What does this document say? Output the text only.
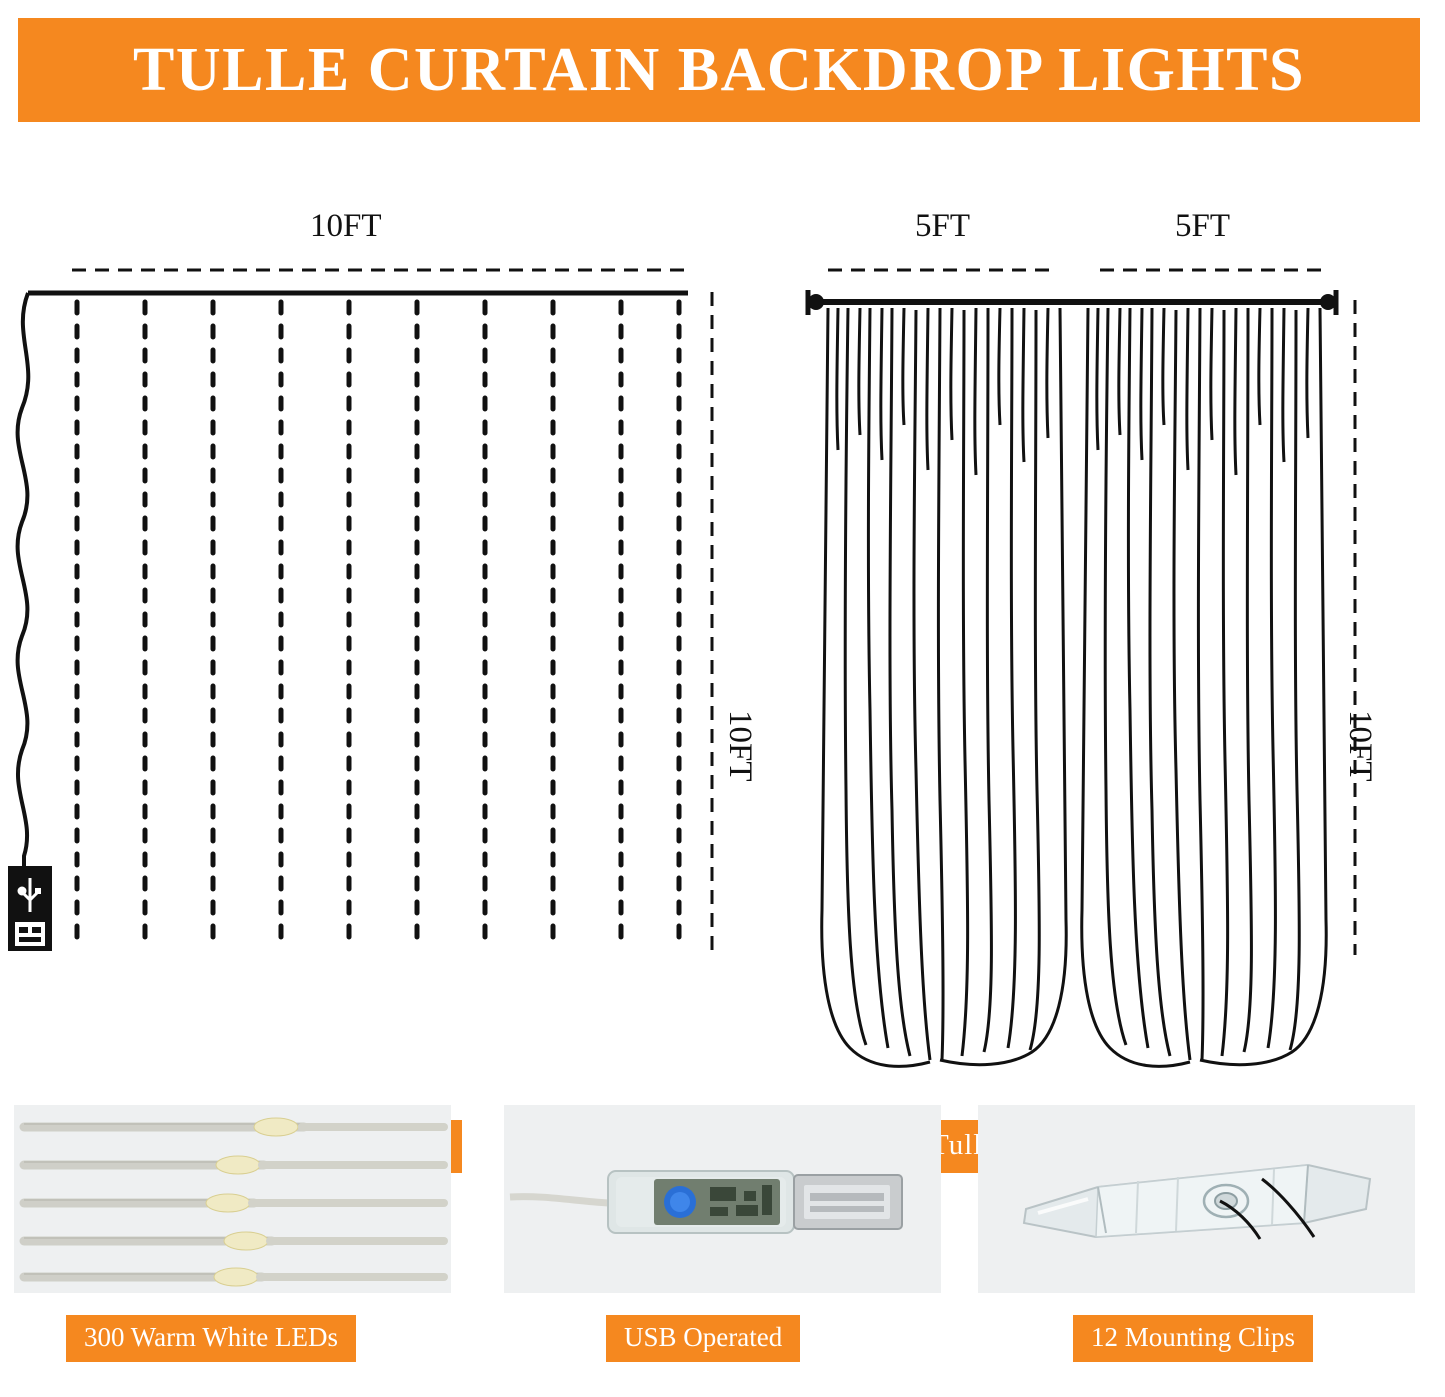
TULLE CURTAIN BACKDROP LIGHTS
10FT
10FT
5FT	5FT
10FT
Tulle
300 Warm White LEDs	USB Operated	12 Mounting Clips
